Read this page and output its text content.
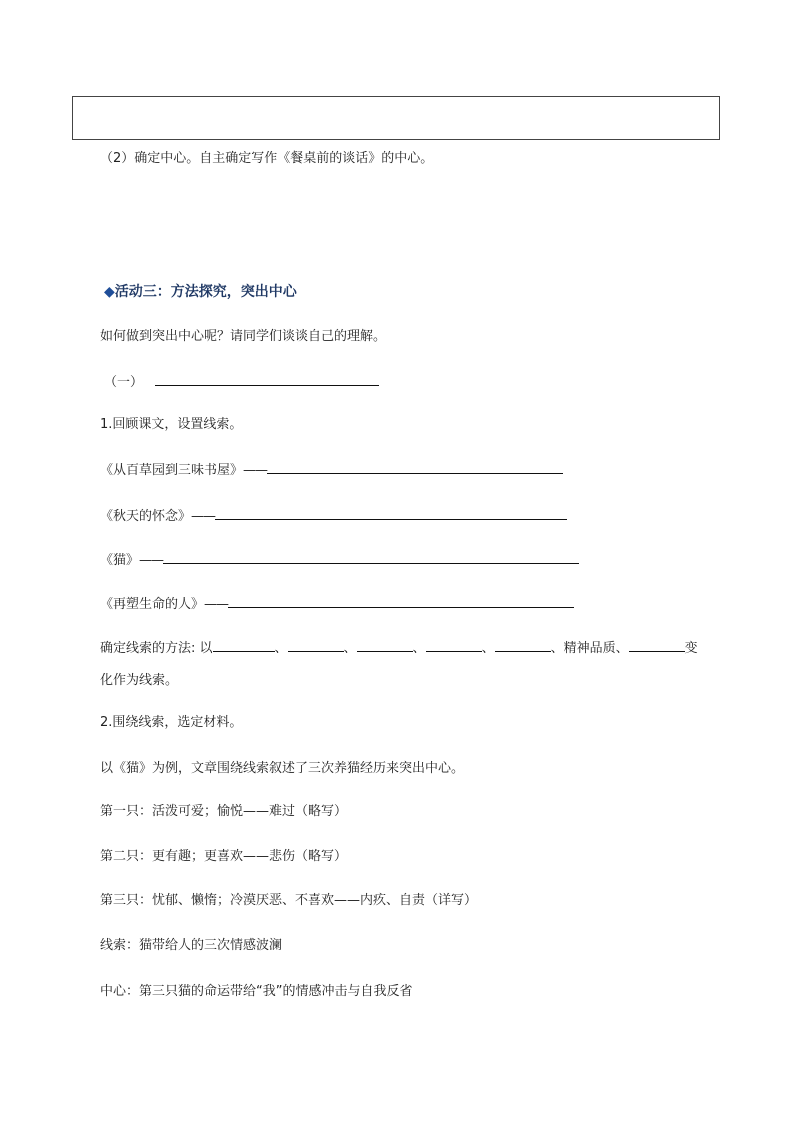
（2）确定中心。自主确定写作《餐桌前的谈话》的中心。
◆活动三：方法探究，突出中心
如何做到突出中心呢？请同学们谈谈自己的理解。
（一）
1.回顾课文，设置线索。
《从百草园到三味书屋》——
《秋天的怀念》——
《猫》——
《再塑生命的人》——
确定线索的方法: 以	、	、	、	、	、精神品质、	变
化作为线索。
2.围绕线索，选定材料。
以《猫》为例，文章围绕线索叙述了三次养猫经历来突出中心。
第一只：活泼可爱；愉悦——难过（略写）
第二只：更有趣；更喜欢——悲伤（略写）
第三只：忧郁、懒惰；冷漠厌恶、不喜欢——内疚、自责（详写）
线索：猫带给人的三次情感波澜
中心：第三只猫的命运带给“我”的情感冲击与自我反省
